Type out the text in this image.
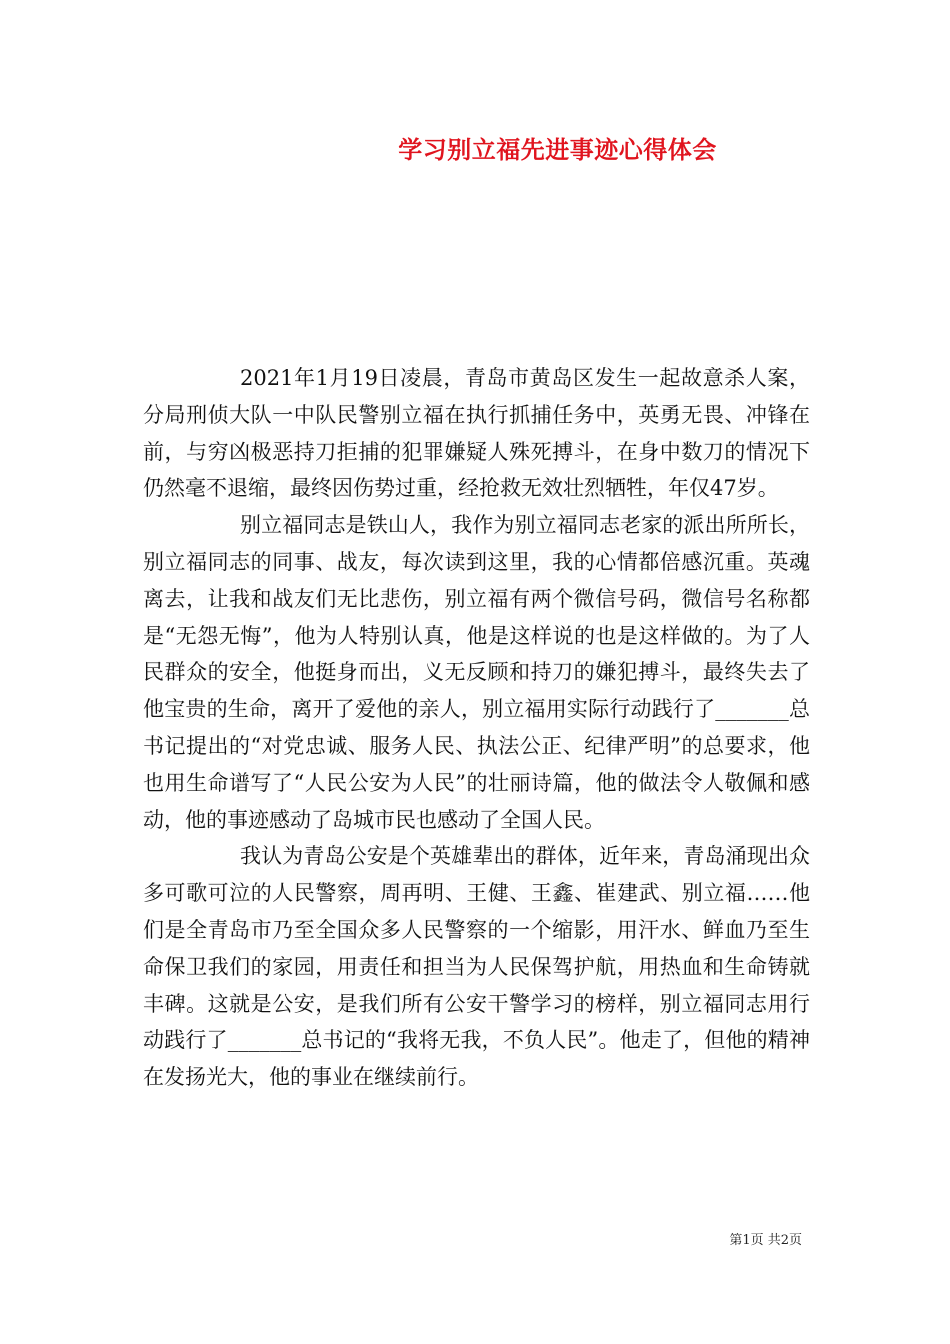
学习别立福先进事迹心得体会

2021年1月19日凌晨，青岛市黄岛区发生一起故意杀人案，分局刑侦大队一中队民警别立福在执行抓捕任务中，英勇无畏、冲锋在前，与穷凶极恶持刀拒捕的犯罪嫌疑人殊死搏斗，在身中数刀的情况下仍然毫不退缩，最终因伤势过重，经抢救无效壮烈牺牲，年仅47岁。

别立福同志是铁山人，我作为别立福同志老家的派出所所长，别立福同志的同事、战友，每次读到这里，我的心情都倍感沉重。英魂离去，让我和战友们无比悲伤，别立福有两个微信号码，微信号名称都是“无怨无悔”，他为人特别认真，他是这样说的也是这样做的。为了人民群众的安全，他挺身而出，义无反顾和持刀的嫌犯搏斗，最终失去了他宝贵的生命，离开了爱他的亲人，别立福用实际行动践行了_______总书记提出的“对党忠诚、服务人民、执法公正、纪律严明”的总要求，他也用生命谱写了“人民公安为人民”的壮丽诗篇，他的做法令人敬佩和感动，他的事迹感动了岛城市民也感动了全国人民。

我认为青岛公安是个英雄辈出的群体，近年来，青岛涌现出众多可歌可泣的人民警察，周再明、王健、王鑫、崔建武、别立福……他们是全青岛市乃至全国众多人民警察的一个缩影，用汗水、鲜血乃至生命保卫我们的家园，用责任和担当为人民保驾护航，用热血和生命铸就丰碑。这就是公安，是我们所有公安干警学习的榜样，别立福同志用行动践行了_______总书记的“我将无我，不负人民”。他走了，但他的精神在发扬光大，他的事业在继续前行。

第1页 共2页
